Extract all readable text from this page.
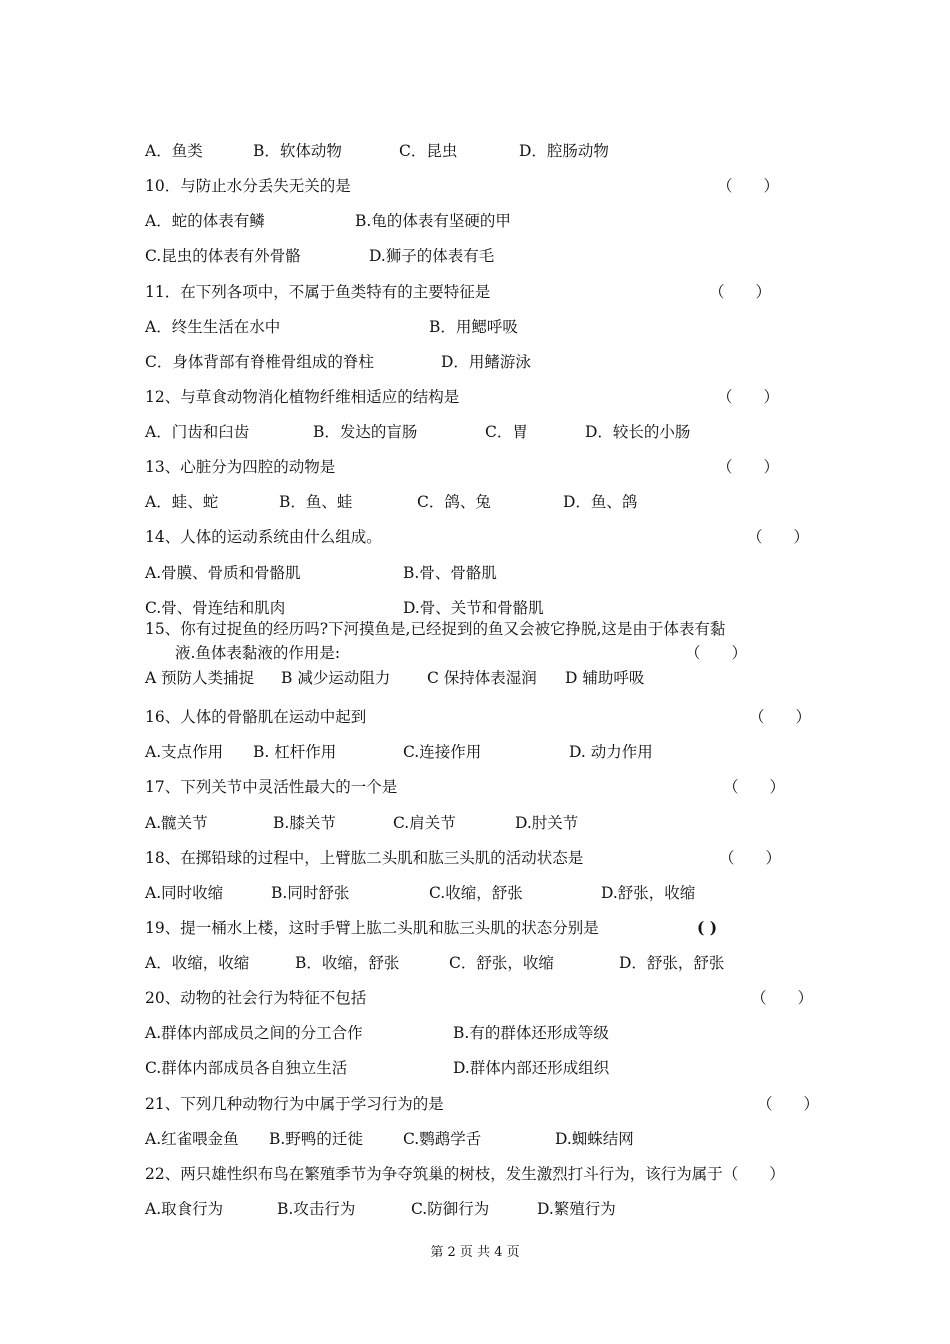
A．鱼类	B．软体动物	C．昆虫	D．腔肠动物
10．与防止水分丢失无关的是	（　　）
A．蛇的体表有鳞	B.龟的体表有坚硬的甲
C.昆虫的体表有外骨骼	D.狮子的体表有毛
11．在下列各项中，不属于鱼类特有的主要特征是	（　　）
A．终生生活在水中	B．用鳃呼吸
C．身体背部有脊椎骨组成的脊柱	D．用鳍游泳
12、与草食动物消化植物纤维相适应的结构是	（　　）
A．门齿和臼齿	B．发达的盲肠	C．胃	D．较长的小肠
13、心脏分为四腔的动物是	（　　）
A．蛙、蛇	B．鱼、蛙	C．鸽、兔	D．鱼、鸽
14、人体的运动系统由什么组成。	（　　）
A.骨膜、骨质和骨骼肌	B.骨、骨骼肌
C.骨、骨连结和肌肉	D.骨、关节和骨骼肌
15、你有过捉鱼的经历吗?下河摸鱼是,已经捉到的鱼又会被它挣脱,这是由于体表有黏
液.鱼体表黏液的作用是:	（　　）
A 预防人类捕捉 B 减少运动阻力 C 保持体表湿润 D 辅助呼吸
16、人体的骨骼肌在运动中起到	（　　）
A.支点作用 B. 杠杆作用	C.连接作用	D. 动力作用
17、下列关节中灵活性最大的一个是	（　　）
A.髋关节	B.膝关节	C.肩关节	D.肘关节
18、在掷铅球的过程中，上臂肱二头肌和肱三头肌的活动状态是	（　　）
A.同时收缩	B.同时舒张	C.收缩，舒张	D.舒张，收缩
19、提一桶水上楼，这时手臂上肱二头肌和肱三头肌的状态分别是	( )
A．收缩，收缩	B．收缩，舒张	C．舒张，收缩	D．舒张，舒张
20、动物的社会行为特征不包括	（　　）
A.群体内部成员之间的分工合作	B.有的群体还形成等级
C.群体内部成员各自独立生活	D.群体内部还形成组织
21、下列几种动物行为中属于学习行为的是	（　　）
A.红雀喂金鱼 B.野鸭的迁徙	C.鹦鹉学舌	D.蜘蛛结网
22、两只雄性织布鸟在繁殖季节为争夺筑巢的树枝，发生激烈打斗行为，该行为属于（　　）
A.取食行为	B.攻击行为	C.防御行为	D.繁殖行为
第 2 页 共 4 页
